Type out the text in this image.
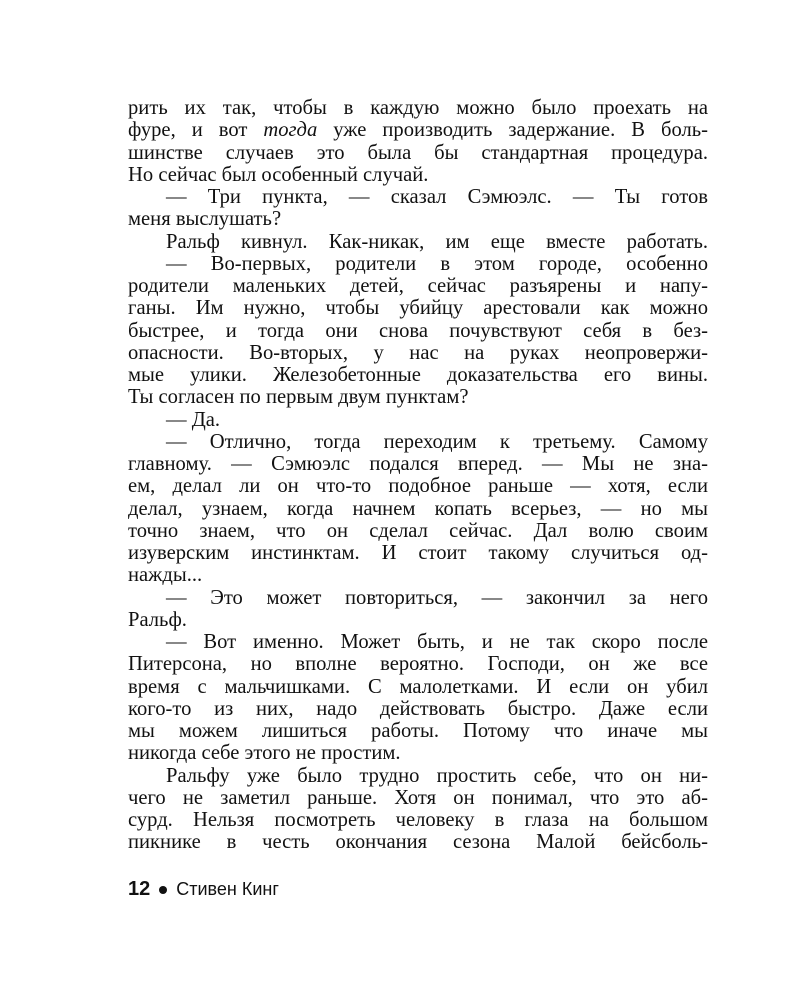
рить их так, чтобы в каждую можно было проехать на
фуре, и вот тогда уже производить задержание. В боль-
шинстве случаев это была бы стандартная процедура.
Но сейчас был особенный случай.
— Три пункта, — сказал Сэмюэлс. — Ты готов
меня выслушать?
Ральф кивнул. Как-никак, им еще вместе работать.
— Во-первых, родители в этом городе, особенно
родители маленьких детей, сейчас разъярены и напу-
ганы. Им нужно, чтобы убийцу арестовали как можно
быстрее, и тогда они снова почувствуют себя в без-
опасности. Во-вторых, у нас на руках неопровержи-
мые улики. Железобетонные доказательства его вины.
Ты согласен по первым двум пунктам?
— Да.
— Отлично, тогда переходим к третьему. Самому
главному. — Сэмюэлс подался вперед. — Мы не зна-
ем, делал ли он что-то подобное раньше — хотя, если
делал, узнаем, когда начнем копать всерьез, — но мы
точно знаем, что он сделал сейчас. Дал волю своим
изуверским инстинктам. И стоит такому случиться од-
нажды...
— Это может повториться, — закончил за него
Ральф.
— Вот именно. Может быть, и не так скоро после
Питерсона, но вполне вероятно. Господи, он же все
время с мальчишками. С малолетками. И если он убил
кого-то из них, надо действовать быстро. Даже если
мы можем лишиться работы. Потому что иначе мы
никогда себе этого не простим.
Ральфу уже было трудно простить себе, что он ни-
чего не заметил раньше. Хотя он понимал, что это аб-
сурд. Нельзя посмотреть человеку в глаза на большом
пикнике в честь окончания сезона Малой бейсболь-
12 Стивен Кинг
